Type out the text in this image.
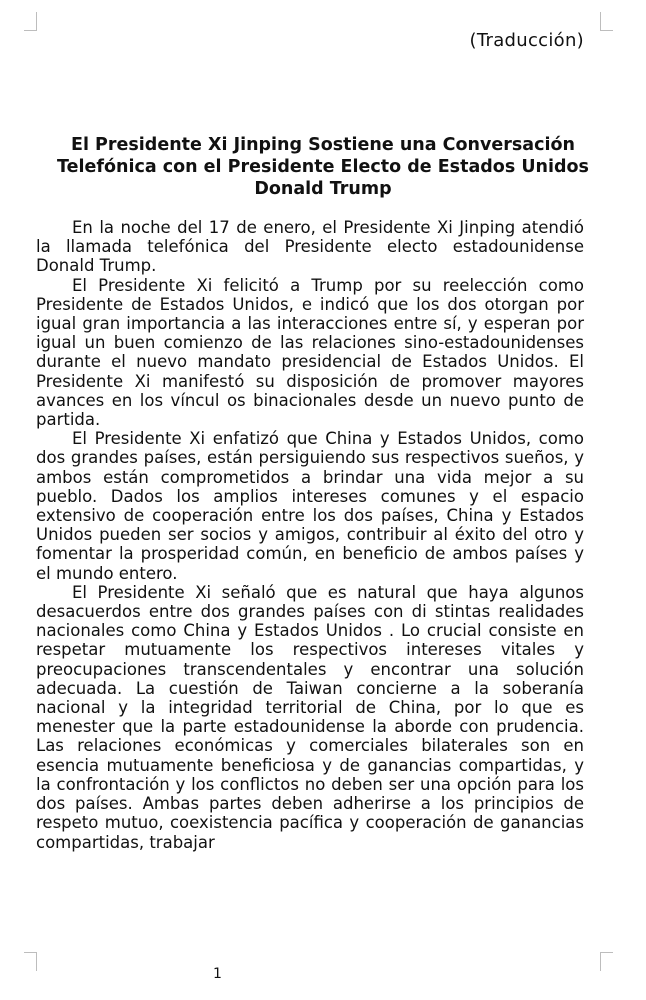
(Traducción)
El Presidente Xi Jinping Sostiene una Conversación Telefónica con el Presidente Electo de Estados Unidos Donald Trump

En la noche del 17 de enero, el Presidente Xi Jinping atendió la llamada telefónica del Presidente electo estadounidense Donald Trump.

El Presidente Xi felicitó a Trump por su reelección como Presidente de Estados Unidos, e indicó que los dos otorgan por igual gran importancia a las interacciones entre sí, y esperan por igual un buen comienzo de las relaciones sino-estadounidenses durante el nuevo mandato presidencial de Estados Unidos. El Presidente Xi manifestó su disposición de promover mayores avances en los víncul os binacionales desde un nuevo punto de partida.

El Presidente Xi enfatizó que China y Estados Unidos, como dos grandes países, están persiguiendo sus respectivos sueños, y ambos están comprometidos a brindar una vida mejor a su pueblo. Dados los amplios intereses comunes y el espacio extensivo de cooperación entre los dos países, China y Estados Unidos pueden ser socios y amigos, contribuir al éxito del otro y fomentar la prosperidad común, en beneficio de ambos países y el mundo entero.

El Presidente Xi señaló que es natural que haya algunos desacuerdos entre dos grandes países con di stintas realidades nacionales como China y Estados Unidos . Lo crucial consiste en respetar mutuamente los respectivos intereses vitales y preocupaciones transcendentales y encontrar una solución adecuada. La cuestión de Taiwan concierne a la soberanía nacional y la integridad territorial de China, por lo que es menester que la parte estadounidense la aborde con prudencia. Las relaciones económicas y comerciales bilaterales son en esencia mutuamente beneficiosa y de ganancias compartidas, y la confrontación y los conflictos no deben ser una opción para los dos países. Ambas partes deben adherirse a los principios de respeto mutuo, coexistencia pacífica y cooperación de ganancias compartidas, trabajar

1
